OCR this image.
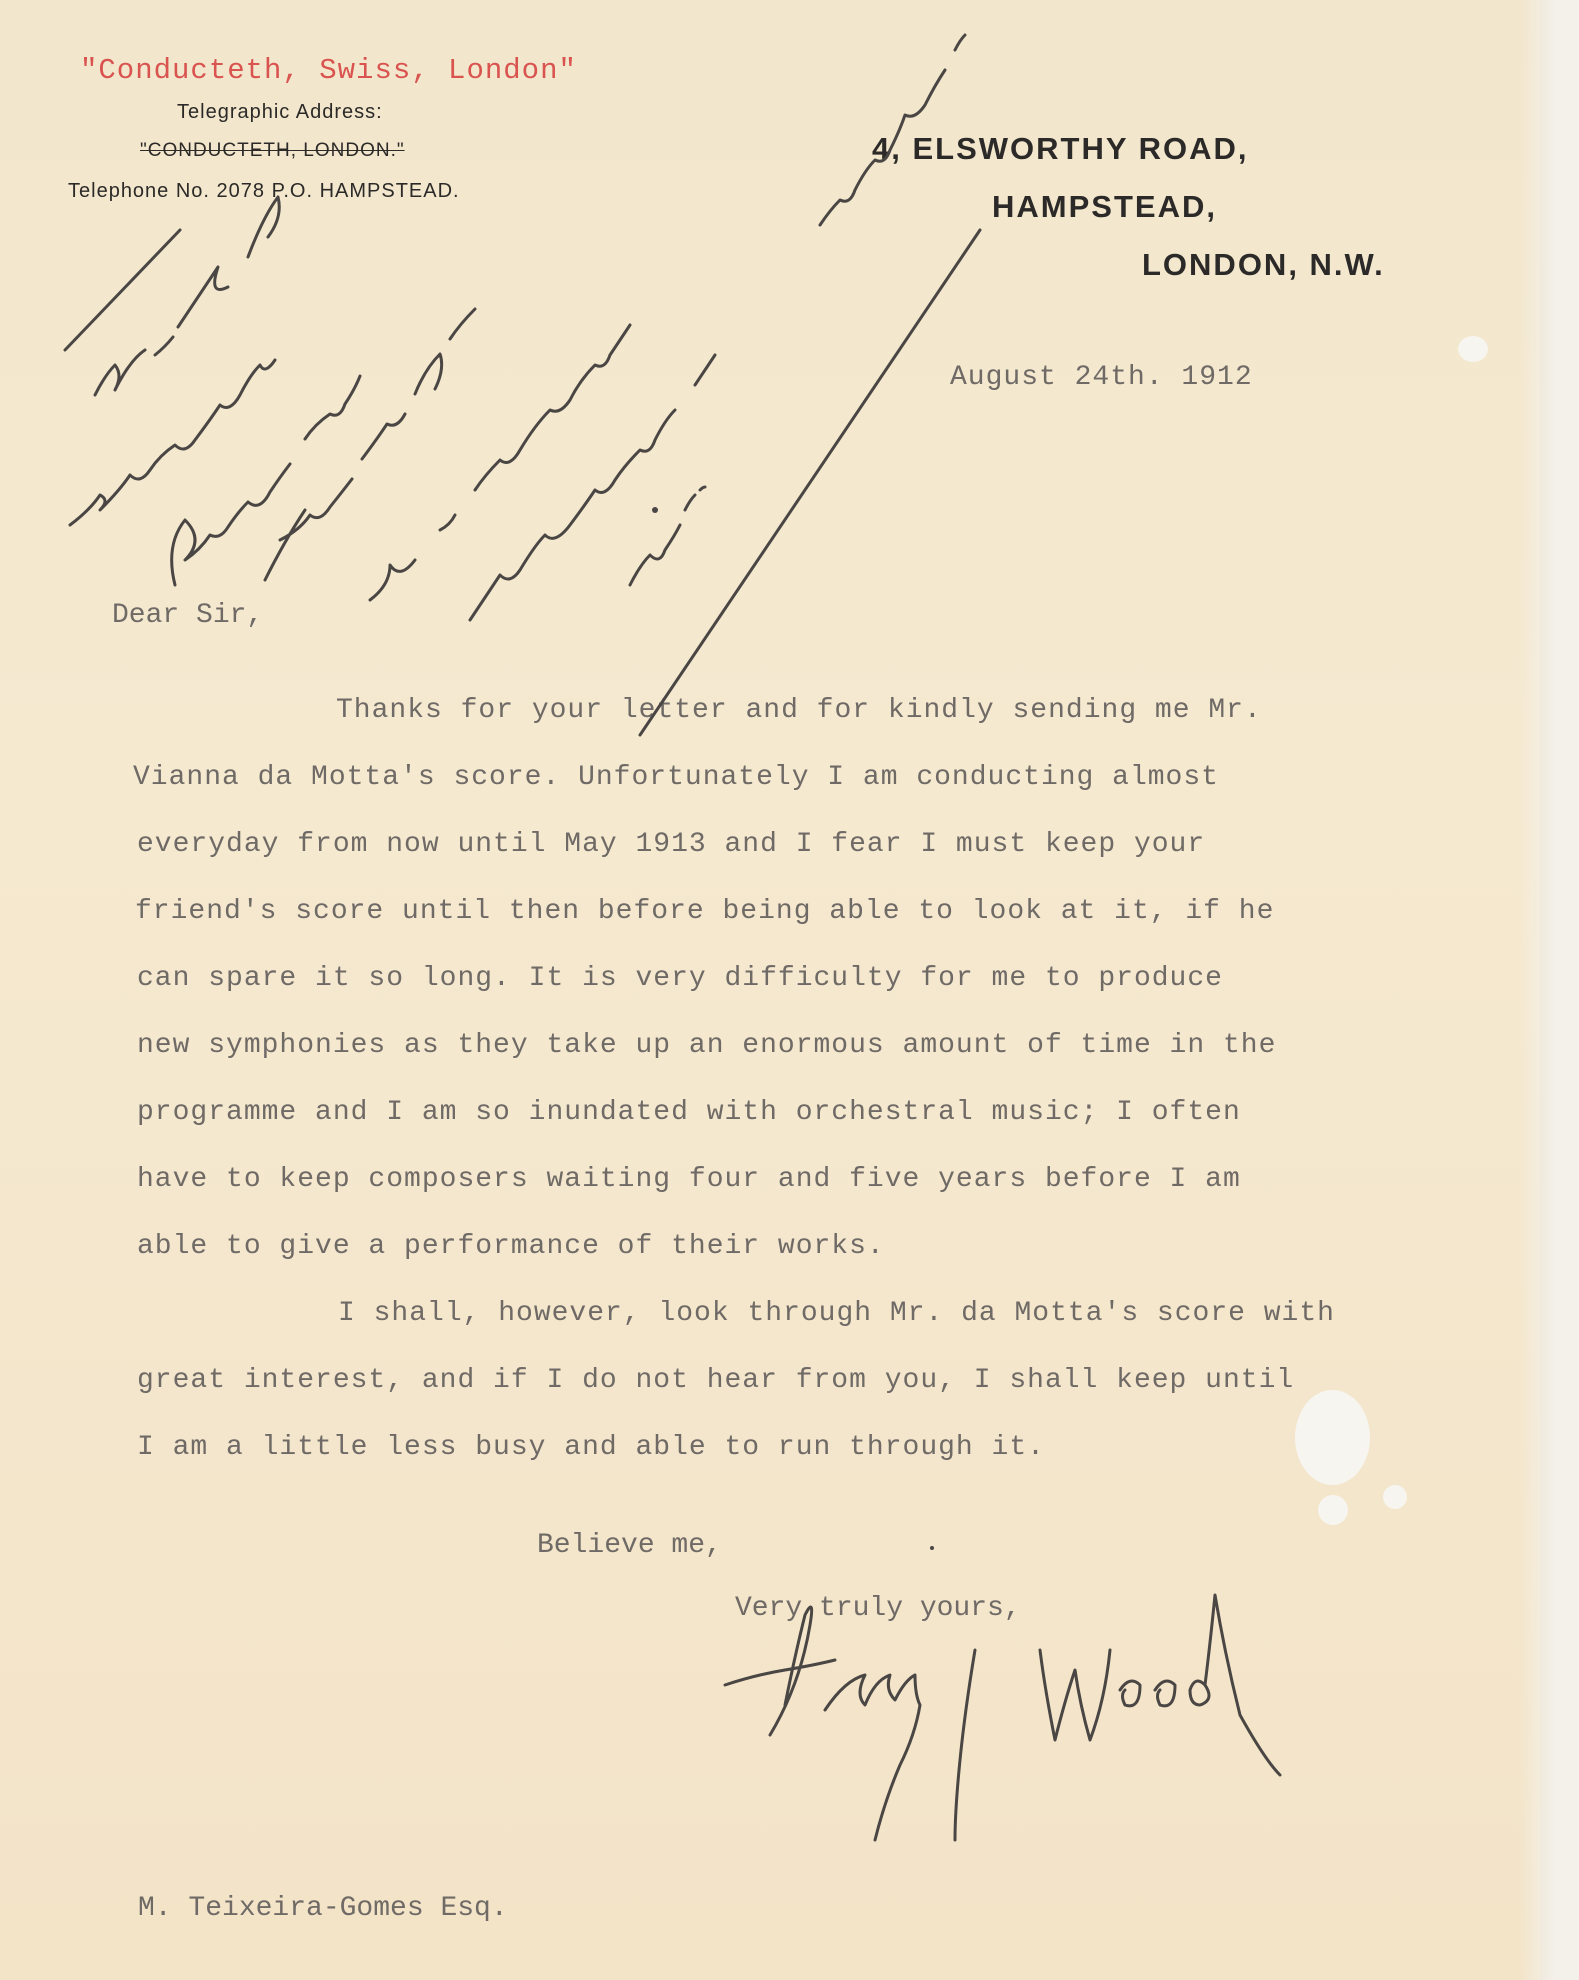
"Conducteth, Swiss, London"
Telegraphic Address:
"CONDUCTETH, LONDON."
Telephone No. 2078 P.O. HAMPSTEAD.
4, ELSWORTHY ROAD,
HAMPSTEAD,
LONDON, N.W.
August 24th. 1912
Dear Sir,
Thanks for your letter and for kindly sending me Mr.
Vianna da Motta's score. Unfortunately I am conducting almost
everyday from now until May 1913 and I fear I must keep your
friend's score until then before being able to look at it, if he
can spare it so long. It is very difficulty for me to produce
new symphonies as they take up an enormous amount of time in the
programme and I am so inundated with orchestral music; I often
have to keep composers waiting four and five years before I am
able to give a performance of their works.
I shall, however, look through Mr. da Motta's score with
great interest, and if I do not hear from you, I shall keep until
I am a little less busy and able to run through it.
Believe me,
Very truly yours,
M. Teixeira-Gomes Esq.
